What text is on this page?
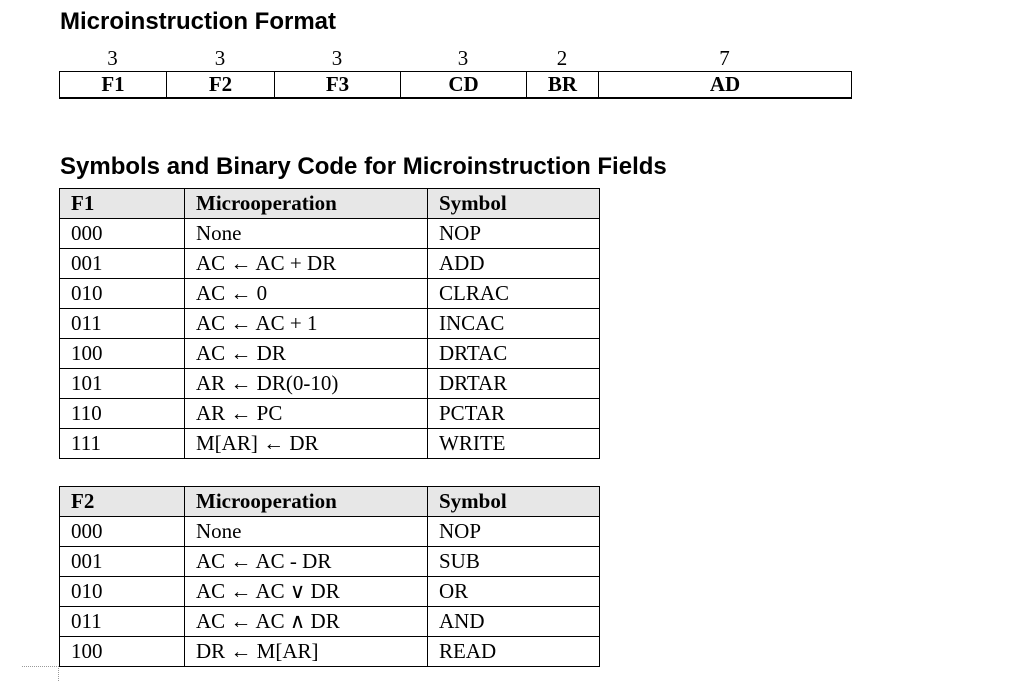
Microinstruction Format
3	3	3	3	2	7
F1	F2	F3	CD	BR	AD
Symbols and Binary Code for Microinstruction Fields
F1	Microoperation	Symbol
000	None	NOP
001	AC ← AC + DR	ADD
010	AC ← 0	CLRAC
011	AC ← AC + 1	INCAC
100	AC ← DR	DRTAC
101	AR ← DR(0-10)	DRTAR
110	AR ← PC	PCTAR
111	M[AR] ← DR	WRITE
F2	Microoperation	Symbol
000	None	NOP
001	AC ← AC - DR	SUB
010	AC ← AC ∨ DR	OR
011	AC ← AC ∧ DR	AND
100	DR ← M[AR]	READ
